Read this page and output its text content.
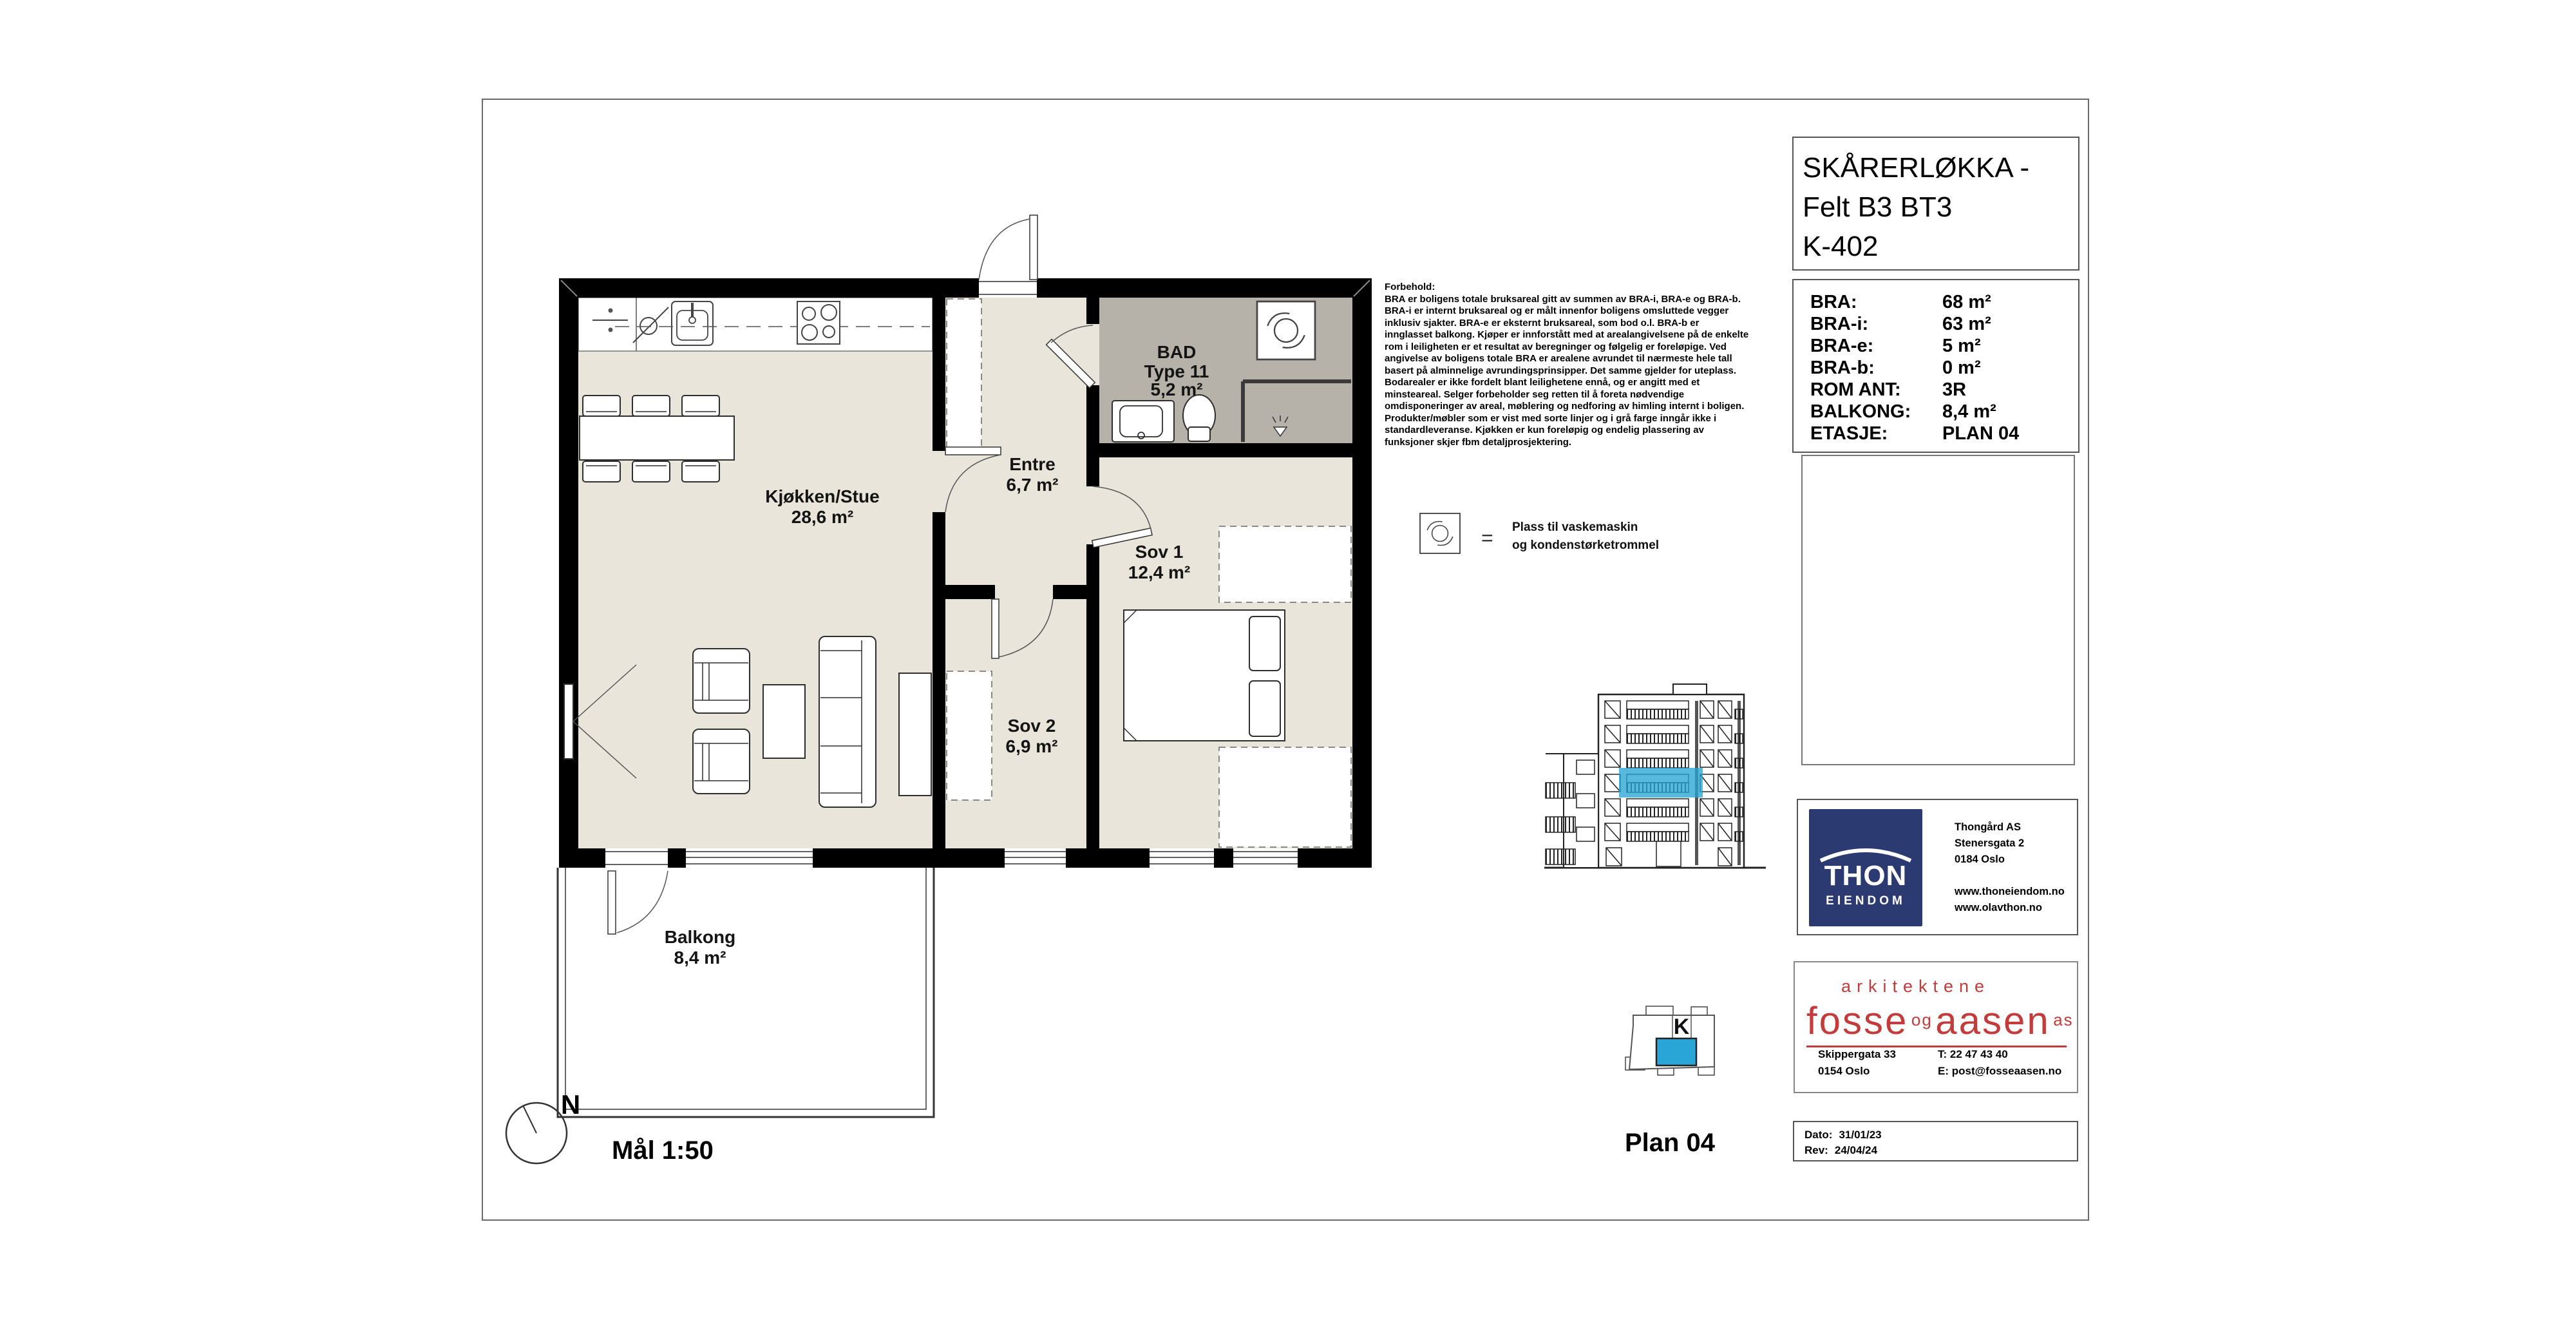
Kjøkken/Stue
28,6 m²
Entre
6,7 m²
BAD
Type 11
5,2 m²
Sov 1
12,4 m²
Sov 2
6,9 m²
Balkong
8,4 m²
= Plass til vaskemaskin
og kondenstørketrommel
K
N
Mål 1:50	Plan 04
Forbehold:
BRA er boligens totale bruksareal gitt av summen av BRA-i, BRA-e og BRA-b. BRA-i er internt bruksareal og er målt innenfor boligens omsluttede vegger inklusiv sjakter. BRA-e er eksternt bruksareal, som bod o.l. BRA-b er innglasset balkong. Kjøper er innforstått med at arealangivelsene på de enkelte rom i leiligheten er et resultat av beregninger og følgelig er foreløpige. Ved angivelse av boligens totale BRA er arealene avrundet til nærmeste hele tall basert på alminnelige avrundingsprinsipper. Det samme gjelder for uteplass. Bodarealer er ikke fordelt blant leilighetene ennå, og er angitt med et minsteareal. Selger forbeholder seg retten til å foreta nødvendige omdisponeringer av areal, møblering og nedforing av himling internt i boligen. Produkter/møbler som er vist med sorte linjer og i grå farge inngår ikke i standardleveranse. Kjøkken er kun foreløpig og endelig plassering av funksjoner skjer fbm detaljprosjektering.
SKÅRERLØKKA -
Felt B3 BT3
K-402
BRA:	68 m²
BRA-i:	63 m²
BRA-e:	5 m²
BRA-b:	0 m²
ROM ANT:	3R
BALKONG:	8,4 m²
ETASJE:	PLAN 04
THON
EIENDOM
Thongård AS
Stenersgata 2
0184 Oslo
www.thoneiendom.no
www.olavthon.no
arkitektene
fosse og aasen as
Skippergata 33
0154 Oslo
T: 22 47 43 40
E: post@fosseaasen.no
Dato: 31/01/23
Rev: 24/04/24
